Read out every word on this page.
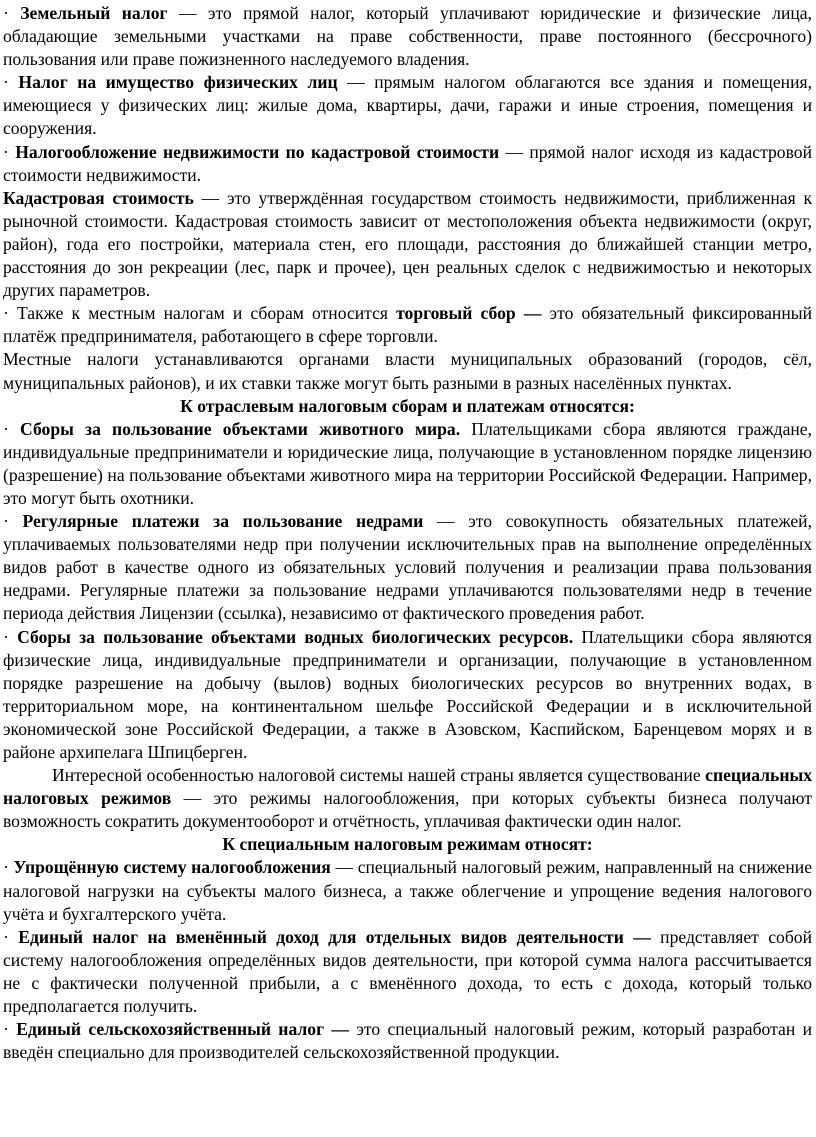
· Земельный налог — это прямой налог, который уплачивают юридические и физические лица, обладающие земельными участками на праве собственности, праве постоянного (бессрочного) пользования или праве пожизненного наследуемого владения.

· Налог на имущество физических лиц — прямым налогом облагаются все здания и помещения, имеющиеся у физических лиц: жилые дома, квартиры, дачи, гаражи и иные строения, помещения и сооружения.

· Налогообложение недвижимости по кадастровой стоимости — прямой налог исходя из кадастровой стоимости недвижимости.

Кадастровая стоимость — это утверждённая государством стоимость недвижимости, приближенная к рыночной стоимости. Кадастровая стоимость зависит от местоположения объекта недвижимости (округ, район), года его постройки, материала стен, его площади, расстояния до ближайшей станции метро, расстояния до зон рекреации (лес, парк и прочее), цен реальных сделок с недвижимостью и некоторых других параметров.

· Также к местным налогам и сборам относится торговый сбор — это обязательный фиксированный платёж предпринимателя, работающего в сфере торговли.

Местные налоги устанавливаются органами власти муниципальных образований (городов, сёл, муниципальных районов), и их ставки также могут быть разными в разных населённых пунктах.

К отраслевым налоговым сборам и платежам относятся:

· Сборы за пользование объектами животного мира. Плательщиками сбора являются граждане, индивидуальные предприниматели и юридические лица, получающие в установленном порядке лицензию (разрешение) на пользование объектами животного мира на территории Российской Федерации. Например, это могут быть охотники.

· Регулярные платежи за пользование недрами — это совокупность обязательных платежей, уплачиваемых пользователями недр при получении исключительных прав на выполнение определённых видов работ в качестве одного из обязательных условий получения и реализации права пользования недрами. Регулярные платежи за пользование недрами уплачиваются пользователями недр в течение периода действия Лицензии (ссылка), независимо от фактического проведения работ.

· Сборы за пользование объектами водных биологических ресурсов. Плательщики сбора являются физические лица, индивидуальные предприниматели и организации, получающие в установленном порядке разрешение на добычу (вылов) водных биологических ресурсов во внутренних водах, в территориальном море, на континентальном шельфе Российской Федерации и в исключительной экономической зоне Российской Федерации, а также в Азовском, Каспийском, Баренцевом морях и в районе архипелага Шпицберген.

Интересной особенностью налоговой системы нашей страны является существование специальных налоговых режимов — это режимы налогообложения, при которых субъекты бизнеса получают возможность сократить документооборот и отчётность, уплачивая фактически один налог.

К специальным налоговым режимам относят:

· Упрощённую систему налогообложения — специальный налоговый режим, направленный на снижение налоговой нагрузки на субъекты малого бизнеса, а также облегчение и упрощение ведения налогового учёта и бухгалтерского учёта.

· Единый налог на вменённый доход для отдельных видов деятельности — представляет собой систему налогообложения определённых видов деятельности, при которой сумма налога рассчитывается не с фактически полученной прибыли, а с вменённого дохода, то есть с дохода, который только предполагается получить.

· Единый сельскохозяйственный налог — это специальный налоговый режим, который разработан и введён специально для производителей сельскохозяйственной продукции.
